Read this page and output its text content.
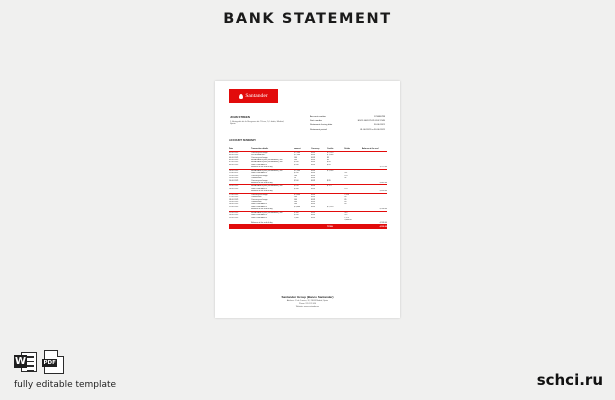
BANK STATEMENT
Santander
JOHN STREEN
1, Avinguda de la Bruguera de l'Osso, 5, Lleida, Madrid, Spain
Account number	123456789
Sort number	ES21 0049 2512 6102 2345
Statement closing date	30.06.2021
Statement period	01.06.2021 to 30.06.2021
ACCOUNT SUMMARY
Date	Transaction details	amount	Currency	Credits	Debits	Balance at the end
02.06.2021	Currency exchange	$ 2,500	EUR	$ 2,130		
03.06.2021	SUPERMARKET	$ 1,500	EUR	$ 1,268		
04.06.2021	Currency exchange	100	EUR	85		
05.06.2021	BBVA BANKS plus (Vendedores), del	100	EUR	85		
07.06.2021	BBVA BANKS plus (Vendedores), del	$ 100	EUR	$ 85		
09.06.2021	Debit Card ABBCD	$ 100	EUR	$ 85		
	Balance at the end of day					3,713.00
10.06.2021	BBVA BANKS plus (Vendedores), del	$ 1,500	EUR	$ 1,268		
11.06.2021	Debit Card ABBCD	$ 250	EUR		211	
12.06.2021	Currency exchange	200	EUR		170	
13.06.2021	Commission	50	EUR		42	
14.06.2021	Currency exchange	$ 100	EUR	$ 85		
	Balance at the end of day					4,643.00
15.06.2021	BBVA BANKS plus (Vendedores), del	$ 150	EUR	$ 127		
16.06.2021	Debit Card ABBCD	$ 200	EUR		170	
	Balance at the end of day					4,600.00
17.06.2021	Currency exchange	$ 3,000	EUR		2,550	
17.06.2021	Commission	100	EUR		85	
18.06.2021	Currency exchange	100	EUR		85	
19.06.2021	Commission	100	EUR		85	
20.06.2021	Debit Card ABBCD	100	EUR		85	
21.06.2021	Debit Card ABBCD	$ 3,000	EUR	$ 2,550		
	Balance at the end of day					4,538.00
22.06.2021	BBVA BANKS plus (Vendedores), del	$ 500	EUR		425	
24.06.2021	Debit Card ABBCD	$ 250	EUR		212	
25.06.2021	Debit Card ABBCD	1,500	EUR		1,275	
					4,800.00	
	Balance at the end of day					4,538.00
				TOTAL		4,538.00
Santander Group (Banco Santander)
Address: C/ de Cuenca, 32, 28049 Madrid, Spain
Phone: 915 123 456
Website: www.santander.es
W	PDF
fully editable template	schci.ru
